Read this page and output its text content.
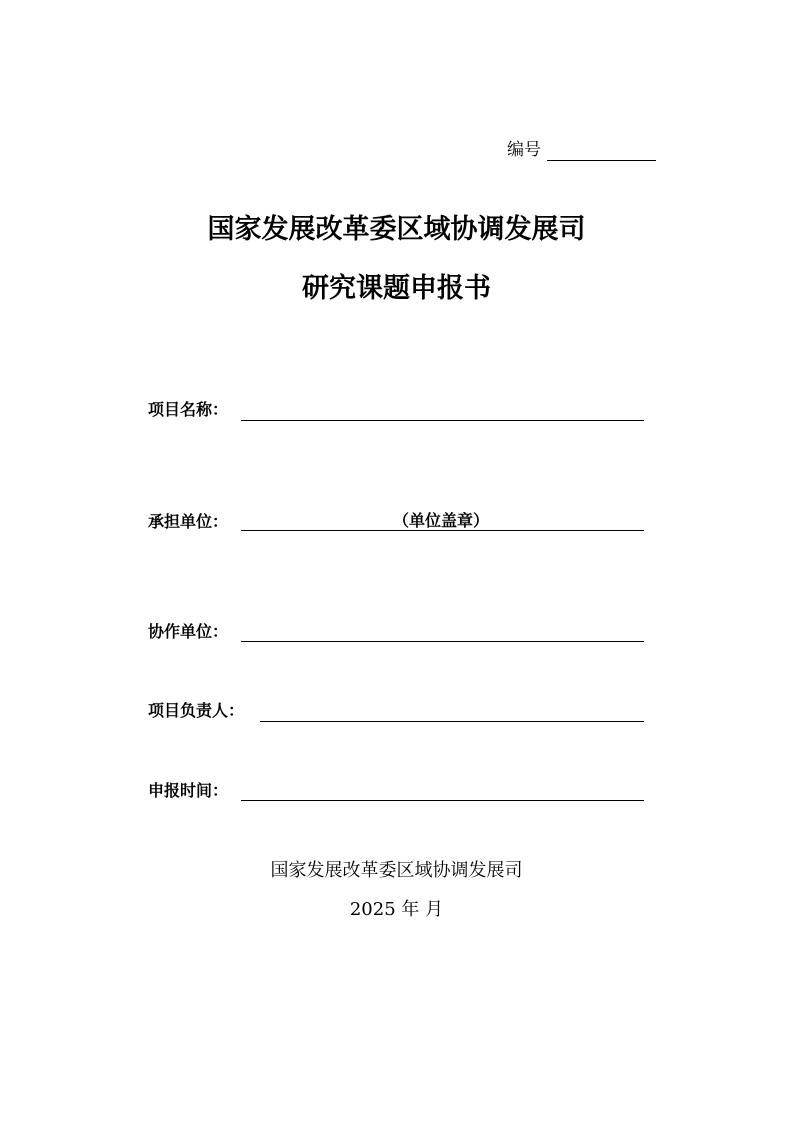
编号
国家发展改革委区域协调发展司
研究课题申报书
项目名称：
承担单位：	（单位盖章）
协作单位：
项目负责人：
申报时间：
国家发展改革委区域协调发展司
2025 年 月
